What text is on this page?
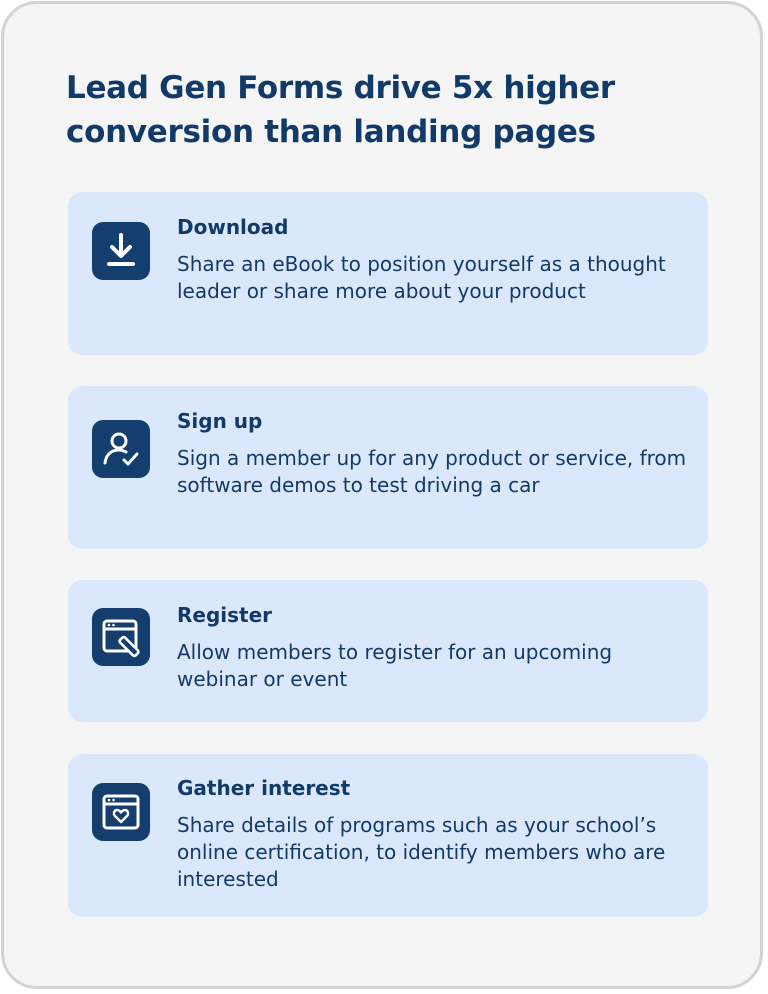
Lead Gen Forms drive 5x higher conversion than landing pages
Download

Share an eBook to position yourself as a thought leader or share more about your product

Sign up

Sign a member up for any product or service, from software demos to test driving a car

Register

Allow members to register for an upcoming webinar or event

Gather interest

Share details of programs such as your school’s online certification, to identify members who are interested
